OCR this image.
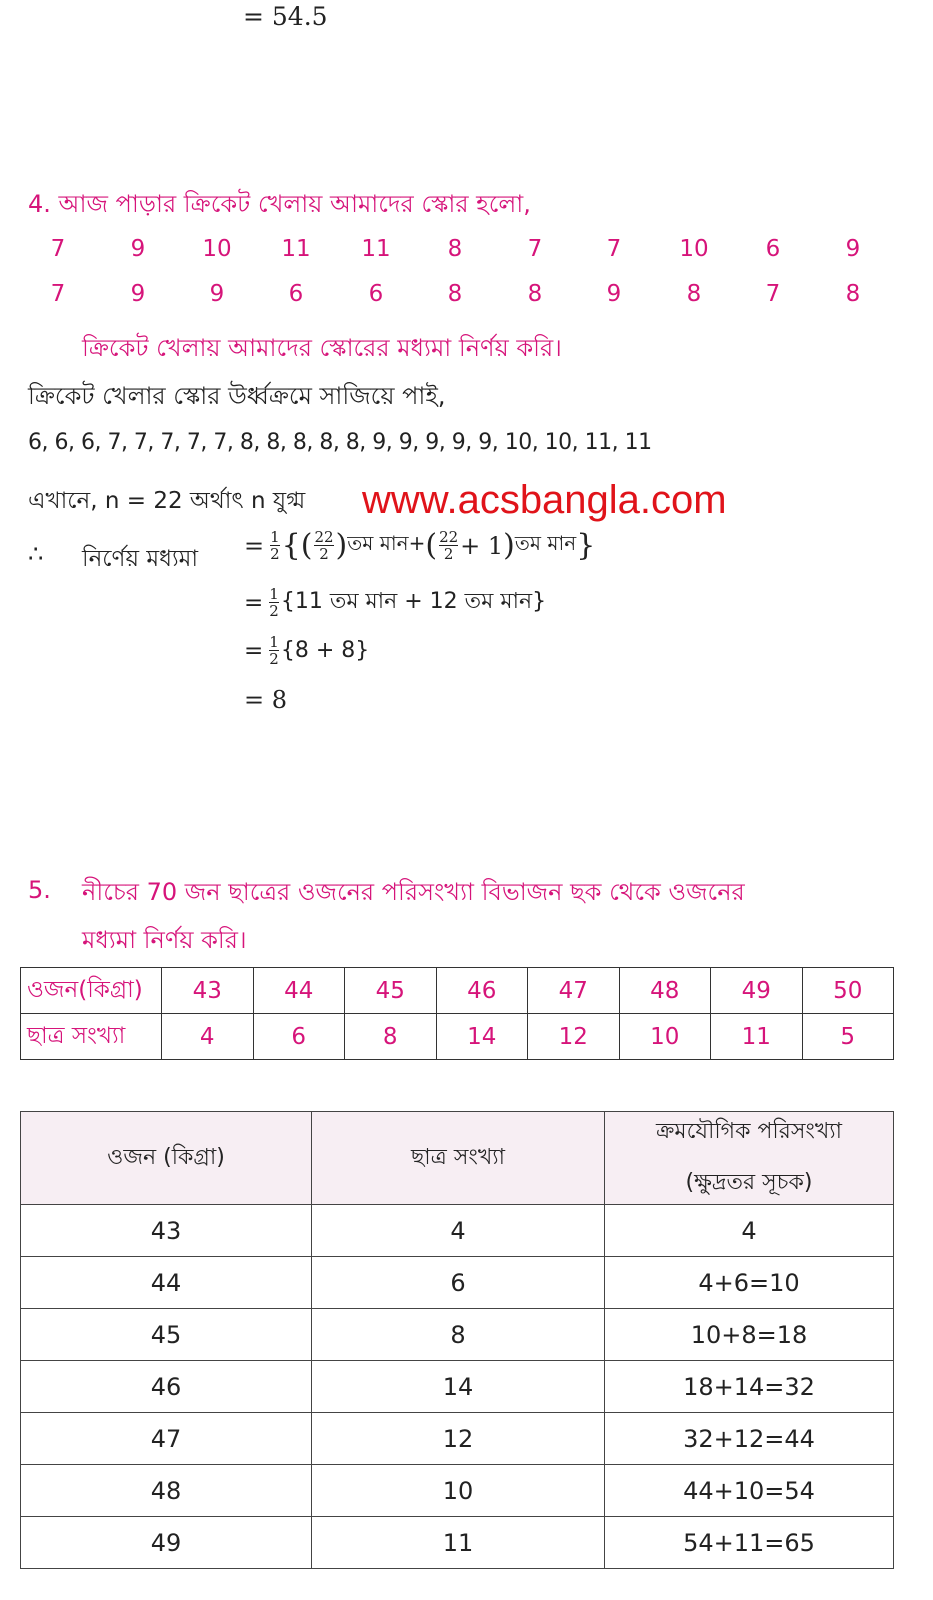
= 54.5
4. আজ পাড়ার ক্রিকেট খেলায় আমাদের স্কোর হলো,
7	9	10	11	11	8	7	7	10	6	9
7	9	9	6	6	8	8	9	8	7	8
ক্রিকেট খেলায় আমাদের স্কোরের মধ্যমা নির্ণয় করি।
ক্রিকেট খেলার স্কোর উর্ধ্বক্রমে সাজিয়ে পাই,
6, 6, 6, 7, 7, 7, 7, 7, 8, 8, 8, 8, 8, 9, 9, 9, 9, 9, 10, 10, 11, 11
এখানে, n = 22 অর্থাৎ n যুগ্ম www.acsbangla.com
∴ নির্ণেয় মধ্যমা = $\frac{1}{2}$ {( $\frac{22}{2}$ ) তম মান+ ( $\frac{22}{2} + 1$ ) তম মান }
= $\frac{1}{2} \{11$ তম মান + 12 তম মান}
= $\frac{1}{2} \{8 + 8\}$
= 8
5. নীচের 70 জন ছাত্রের ওজনের পরিসংখ্যা বিভাজন ছক থেকে ওজনের
মধ্যমা নির্ণয় করি।
ওজন(কিগ্রা)	43	44	45	46	47	48	49	50
ছাত্র সংখ্যা	4	6	8	14	12	10	11	5
ওজন (কিগ্রা)	ছাত্র সংখ্যা	ক্রমযৌগিক পরিসংখ্যা
(ক্ষুদ্রতর সূচক)

43	4	4
44	6	4+6=10
45	8	10+8=18
46	14	18+14=32
47	12	32+12=44
48	10	44+10=54
49	11	54+11=65
